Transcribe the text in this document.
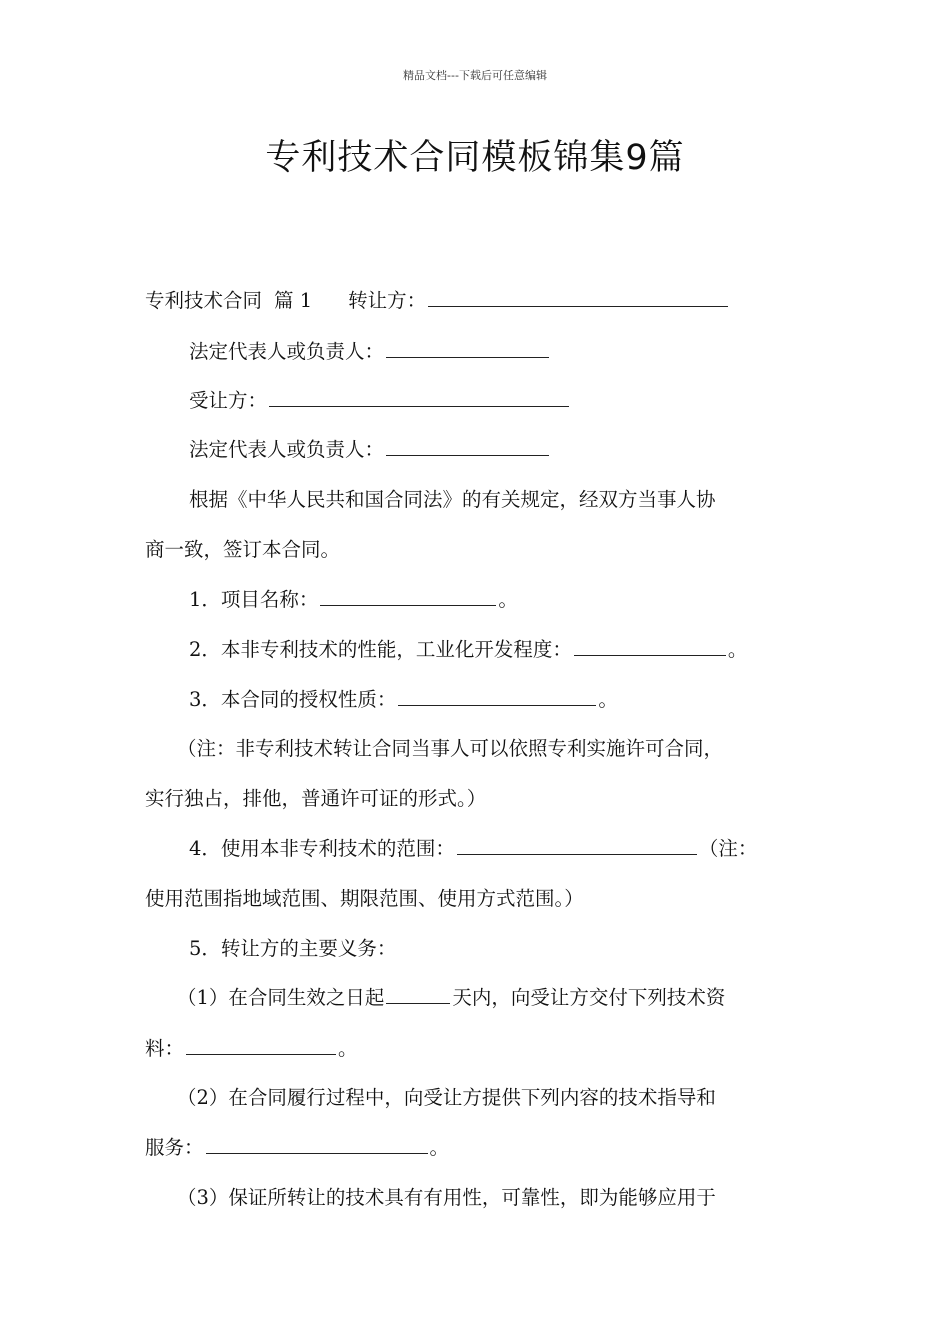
精品文档---下载后可任意编辑
专利技术合同模板锦集9篇
专利技术合同 篇 1 转让方：
法定代表人或负责人：
受让方：
法定代表人或负责人：
根据《中华人民共和国合同法》的有关规定，经双方当事人协
商一致，签订本合同。
1．项目名称：	。
2．本非专利技术的性能，工业化开发程度：	。
3．本合同的授权性质：	。
（注：非专利技术转让合同当事人可以依照专利实施许可合同，
实行独占，排他，普通许可证的形式。）
4．使用本非专利技术的范围：	（注：
使用范围指地域范围、期限范围、使用方式范围。）
5．转让方的主要义务：
（1）在合同生效之日起	天内，向受让方交付下列技术资
料：	。
（2）在合同履行过程中，向受让方提供下列内容的技术指导和
服务：	。
（3）保证所转让的技术具有有用性，可靠性，即为能够应用于
